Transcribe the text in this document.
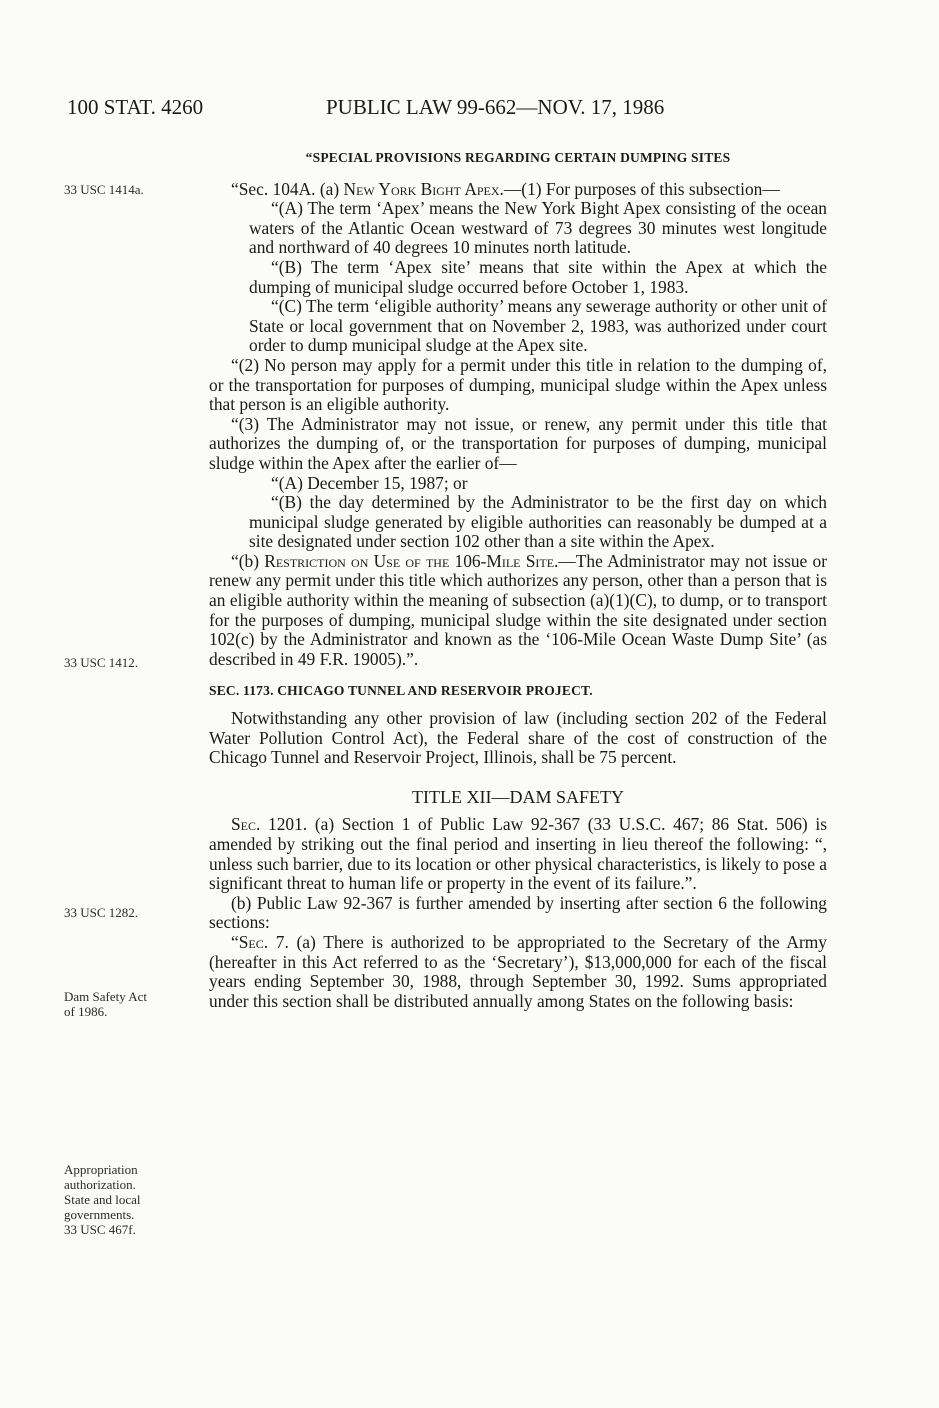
100 STAT. 4260	PUBLIC LAW 99-662—NOV. 17, 1986
33 USC 1414a.
33 USC 1412.
33 USC 1282.
Dam Safety Act
of 1986.
Appropriation
authorization.
State and local
governments.
33 USC 467f.

“SPECIAL PROVISIONS REGARDING CERTAIN DUMPING SITES

“Sec. 104A. (a) New York Bight Apex.—(1) For purposes of this subsection—

“(A) The term ‘Apex’ means the New York Bight Apex consisting of the ocean waters of the Atlantic Ocean westward of 73 degrees 30 minutes west longitude and northward of 40 degrees 10 minutes north latitude.

“(B) The term ‘Apex site’ means that site within the Apex at which the dumping of municipal sludge occurred before October 1, 1983.

“(C) The term ‘eligible authority’ means any sewerage authority or other unit of State or local government that on November 2, 1983, was authorized under court order to dump municipal sludge at the Apex site.

“(2) No person may apply for a permit under this title in relation to the dumping of, or the transportation for purposes of dumping, municipal sludge within the Apex unless that person is an eligible authority.

“(3) The Administrator may not issue, or renew, any permit under this title that authorizes the dumping of, or the transportation for purposes of dumping, municipal sludge within the Apex after the earlier of—

“(A) December 15, 1987; or

“(B) the day determined by the Administrator to be the first day on which municipal sludge generated by eligible authorities can reasonably be dumped at a site designated under section 102 other than a site within the Apex.

“(b) Restriction on Use of the 106-Mile Site.—The Administrator may not issue or renew any permit under this title which authorizes any person, other than a person that is an eligible authority within the meaning of subsection (a)(1)(C), to dump, or to transport for the purposes of dumping, municipal sludge within the site designated under section 102(c) by the Administrator and known as the ‘106-Mile Ocean Waste Dump Site’ (as described in 49 F.R. 19005).”.

SEC. 1173. CHICAGO TUNNEL AND RESERVOIR PROJECT.

Notwithstanding any other provision of law (including section 202 of the Federal Water Pollution Control Act), the Federal share of the cost of construction of the Chicago Tunnel and Reservoir Project, Illinois, shall be 75 percent.

TITLE XII—DAM SAFETY

Sec. 1201. (a) Section 1 of Public Law 92-367 (33 U.S.C. 467; 86 Stat. 506) is amended by striking out the final period and inserting in lieu thereof the following: “, unless such barrier, due to its location or other physical characteristics, is likely to pose a significant threat to human life or property in the event of its failure.”.

(b) Public Law 92-367 is further amended by inserting after section 6 the following sections:

“Sec. 7. (a) There is authorized to be appropriated to the Secretary of the Army (hereafter in this Act referred to as the ‘Secretary’), $13,000,000 for each of the fiscal years ending September 30, 1988, through September 30, 1992. Sums appropriated under this section shall be distributed annually among States on the following basis:
